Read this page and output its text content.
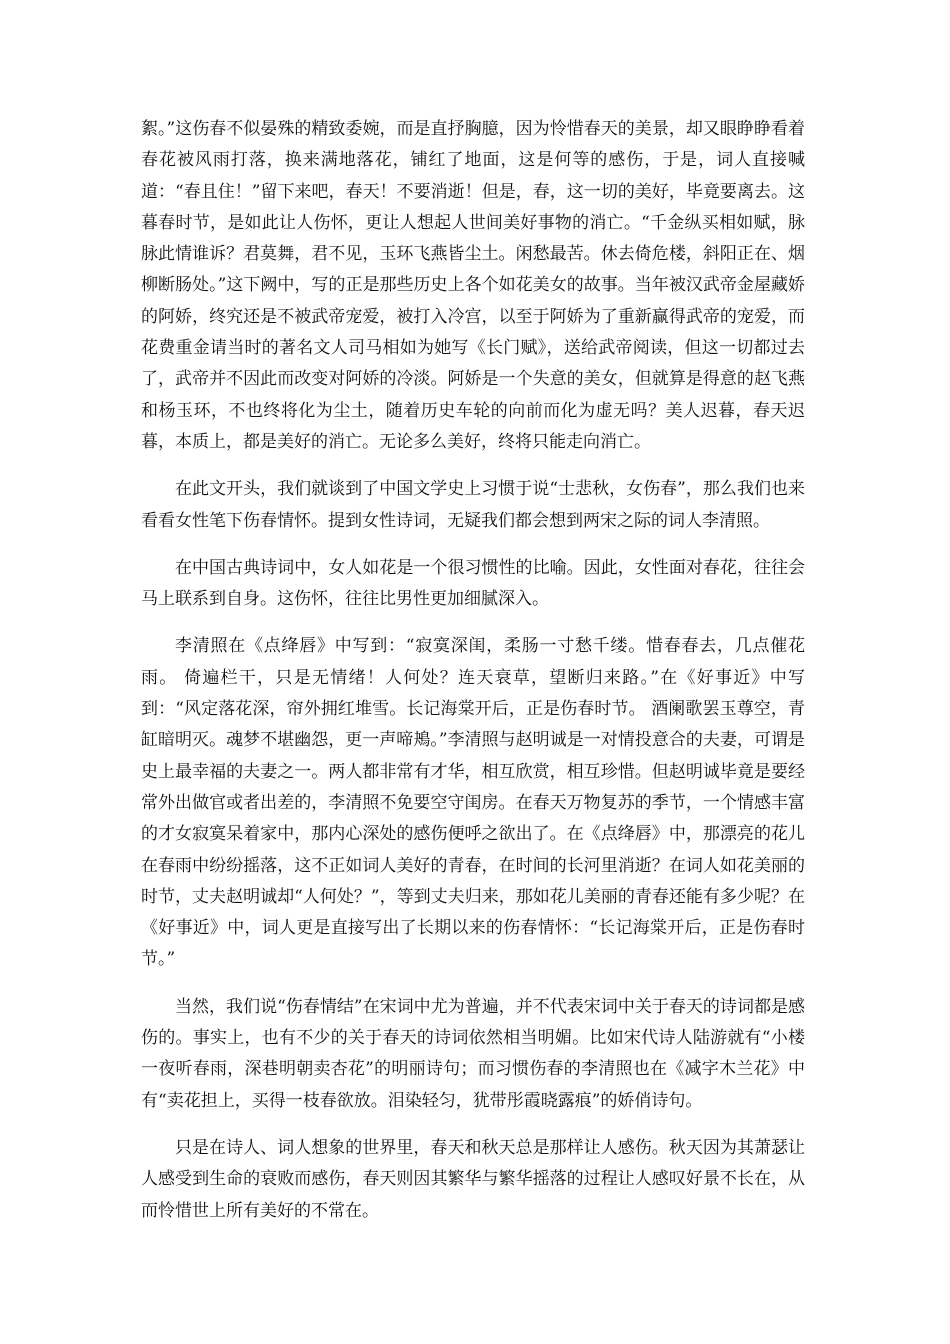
絮。”这伤春不似晏殊的精致委婉，而是直抒胸臆，因为怜惜春天的美景，却又眼睁睁看着春花被风雨打落，换来满地落花，铺红了地面，这是何等的感伤，于是，词人直接喊道：“春且住！”留下来吧，春天！不要消逝！但是，春，这一切的美好，毕竟要离去。这暮春时节，是如此让人伤怀，更让人想起人世间美好事物的消亡。“千金纵买相如赋，脉脉此情谁诉？君莫舞，君不见，玉环飞燕皆尘土。闲愁最苦。休去倚危楼，斜阳正在、烟柳断肠处。”这下阙中，写的正是那些历史上各个如花美女的故事。当年被汉武帝金屋藏娇的阿娇，终究还是不被武帝宠爱，被打入冷宫，以至于阿娇为了重新赢得武帝的宠爱，而花费重金请当时的著名文人司马相如为她写《长门赋》，送给武帝阅读，但这一切都过去了，武帝并不因此而改变对阿娇的冷淡。阿娇是一个失意的美女，但就算是得意的赵飞燕和杨玉环，不也终将化为尘土，随着历史车轮的向前而化为虚无吗？美人迟暮，春天迟暮，本质上，都是美好的消亡。无论多么美好，终将只能走向消亡。

在此文开头，我们就谈到了中国文学史上习惯于说“士悲秋，女伤春”，那么我们也来看看女性笔下伤春情怀。提到女性诗词，无疑我们都会想到两宋之际的词人李清照。

在中国古典诗词中，女人如花是一个很习惯性的比喻。因此，女性面对春花，往往会马上联系到自身。这伤怀，往往比男性更加细腻深入。

李清照在《点绛唇》中写到：“寂寞深闺，柔肠一寸愁千缕。惜春春去，几点催花雨。 倚遍栏干，只是无情绪！人何处？连天衰草，望断归来路。”在《好事近》中写到：“风定落花深，帘外拥红堆雪。长记海棠开后，正是伤春时节。 酒阑歌罢玉尊空，青缸暗明灭。魂梦不堪幽怨，更一声啼鴂。”李清照与赵明诚是一对情投意合的夫妻，可谓是史上最幸福的夫妻之一。两人都非常有才华，相互欣赏，相互珍惜。但赵明诚毕竟是要经常外出做官或者出差的，李清照不免要空守闺房。在春天万物复苏的季节，一个情感丰富的才女寂寞呆着家中，那内心深处的感伤便呼之欲出了。在《点绛唇》中，那漂亮的花儿在春雨中纷纷摇落，这不正如词人美好的青春，在时间的长河里消逝？在词人如花美丽的时节，丈夫赵明诚却“人何处？”，等到丈夫归来，那如花儿美丽的青春还能有多少呢？在《好事近》中，词人更是直接写出了长期以来的伤春情怀：“长记海棠开后，正是伤春时节。”

当然，我们说“伤春情结”在宋词中尤为普遍，并不代表宋词中关于春天的诗词都是感伤的。事实上，也有不少的关于春天的诗词依然相当明媚。比如宋代诗人陆游就有“小楼一夜听春雨，深巷明朝卖杏花”的明丽诗句；而习惯伤春的李清照也在《减字木兰花》中有“卖花担上，买得一枝春欲放。泪染轻匀，犹带彤霞晓露痕”的娇俏诗句。

只是在诗人、词人想象的世界里，春天和秋天总是那样让人感伤。秋天因为其萧瑟让人感受到生命的衰败而感伤，春天则因其繁华与繁华摇落的过程让人感叹好景不长在，从而怜惜世上所有美好的不常在。
